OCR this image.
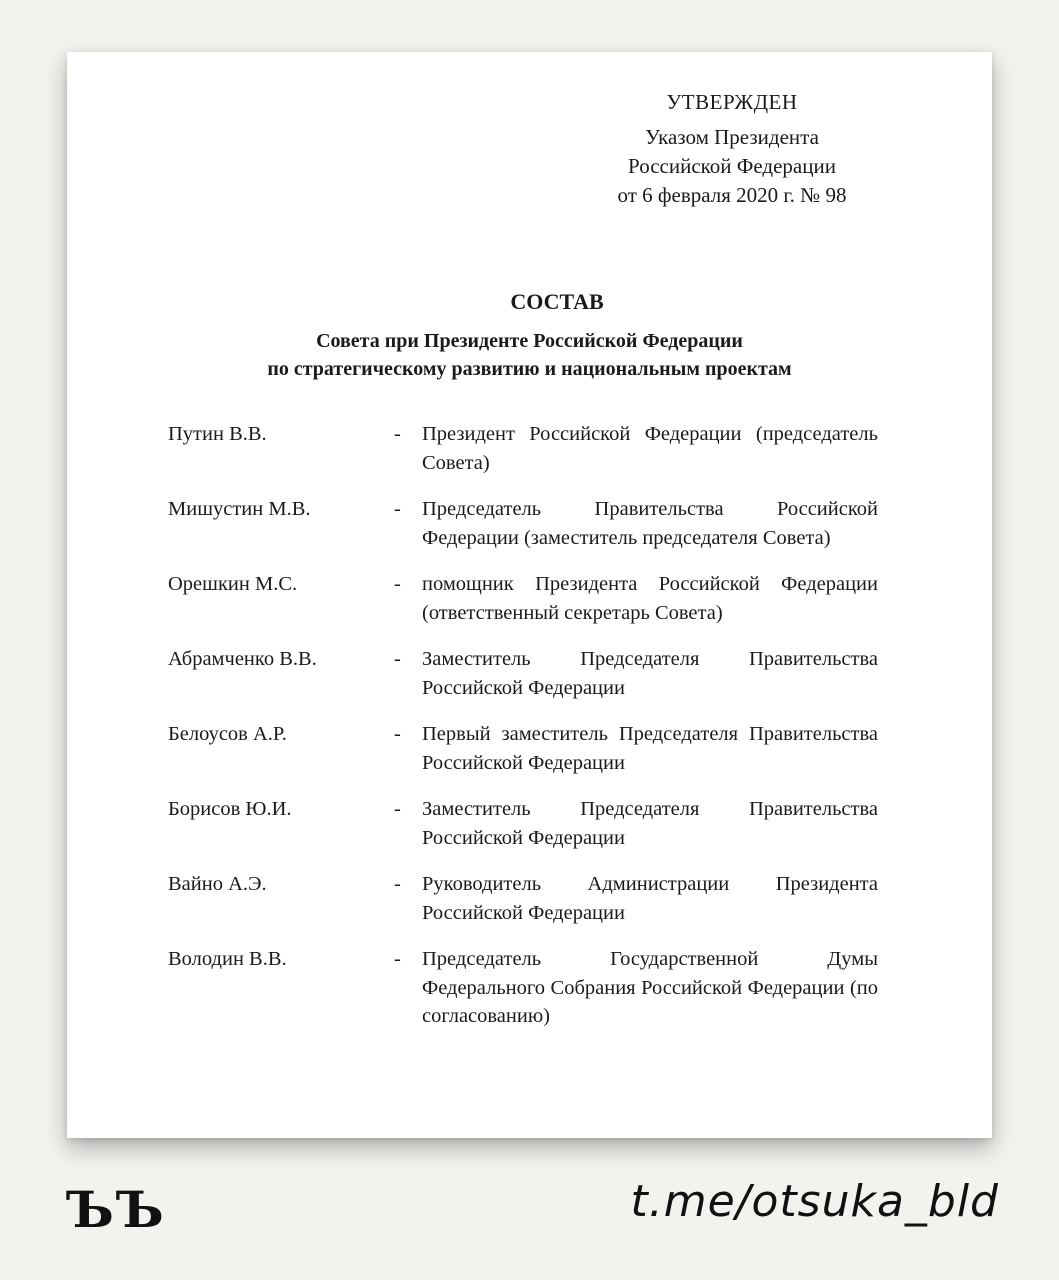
УТВЕРЖДЕН
Указом Президента
Российской Федерации
от 6 февраля 2020 г. № 98
СОСТАВ
Совета при Президенте Российской Федерации
по стратегическому развитию и национальным проектам
Путин В.В.	- Президент Российской Федерации (председатель Совета)
Мишустин М.В.	- Председатель Правительства Российской Федерации (заместитель председателя Совета)
Орешкин М.С.	- помощник Президента Российской Федерации (ответственный секретарь Совета)
Абрамченко В.В.	- Заместитель Председателя Правительства Российской Федерации
Белоусов А.Р.	- Первый заместитель Председателя Правительства Российской Федерации
Борисов Ю.И.	- Заместитель Председателя Правительства Российской Федерации
Вайно А.Э.	- Руководитель Администрации Президента Российской Федерации
Володин В.В.	- Председатель Государственной Думы Федерального Собрания Российской Федерации (по согласованию)
ЪЪ	t.me/otsuka_bld
